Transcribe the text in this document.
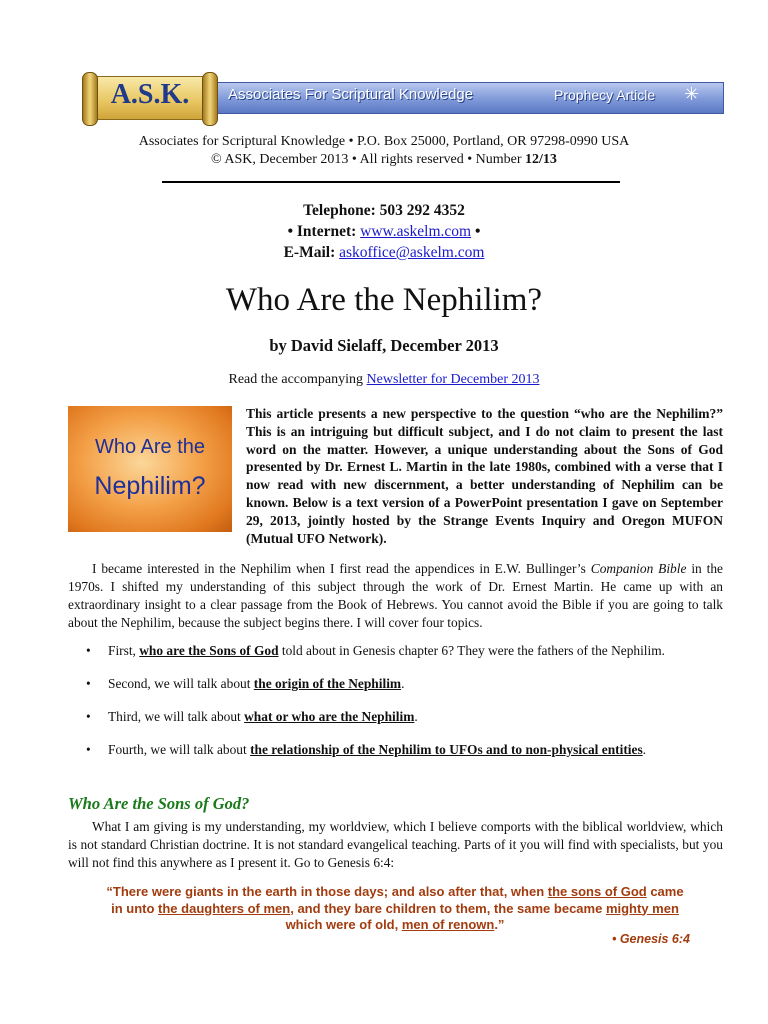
A.S.K.	Associates For Scriptural Knowledge	Prophecy Article ✳
Associates for Scriptural Knowledge • P.O. Box 25000, Portland, OR 97298-0990 USA
© ASK, December 2013 • All rights reserved • Number 12/13
Telephone: 503 292 4352
• Internet: www.askelm.com •
E-Mail: askoffice@askelm.com
Who Are the Nephilim?
by David Sielaff, December 2013
Read the accompanying Newsletter for December 2013
Who Are the
Nephilim?
This article presents a new perspective to the question “who are the Nephilim?” This is an intriguing but difficult subject, and I do not claim to present the last word on the matter. However, a unique understanding about the Sons of God presented by Dr. Ernest L. Martin in the late 1980s, combined with a verse that I now read with new discernment, a better understanding of Nephilim can be known. Below is a text version of a PowerPoint presentation I gave on September 29, 2013, jointly hosted by the Strange Events Inquiry and Oregon MUFON (Mutual UFO Network).
I became interested in the Nephilim when I first read the appendices in E.W. Bullinger’s Companion Bible in the 1970s. I shifted my understanding of this subject through the work of Dr. Ernest Martin. He came up with an extraordinary insight to a clear passage from the Book of Hebrews. You cannot avoid the Bible if you are going to talk about the Nephilim, because the subject begins there. I will cover four topics.
• First, who are the Sons of God told about in Genesis chapter 6? They were the fathers of the Nephilim.
• Second, we will talk about the origin of the Nephilim.
• Third, we will talk about what or who are the Nephilim.
• Fourth, we will talk about the relationship of the Nephilim to UFOs and to non-physical entities.
Who Are the Sons of God?
What I am giving is my understanding, my worldview, which I believe comports with the biblical worldview, which is not standard Christian doctrine. It is not standard evangelical teaching. Parts of it you will find with specialists, but you will not find this anywhere as I present it. Go to Genesis 6:4:
“There were giants in the earth in those days; and also after that, when the sons of God came in unto the daughters of men, and they bare children to them, the same became mighty men which were of old, men of renown.”
• Genesis 6:4
